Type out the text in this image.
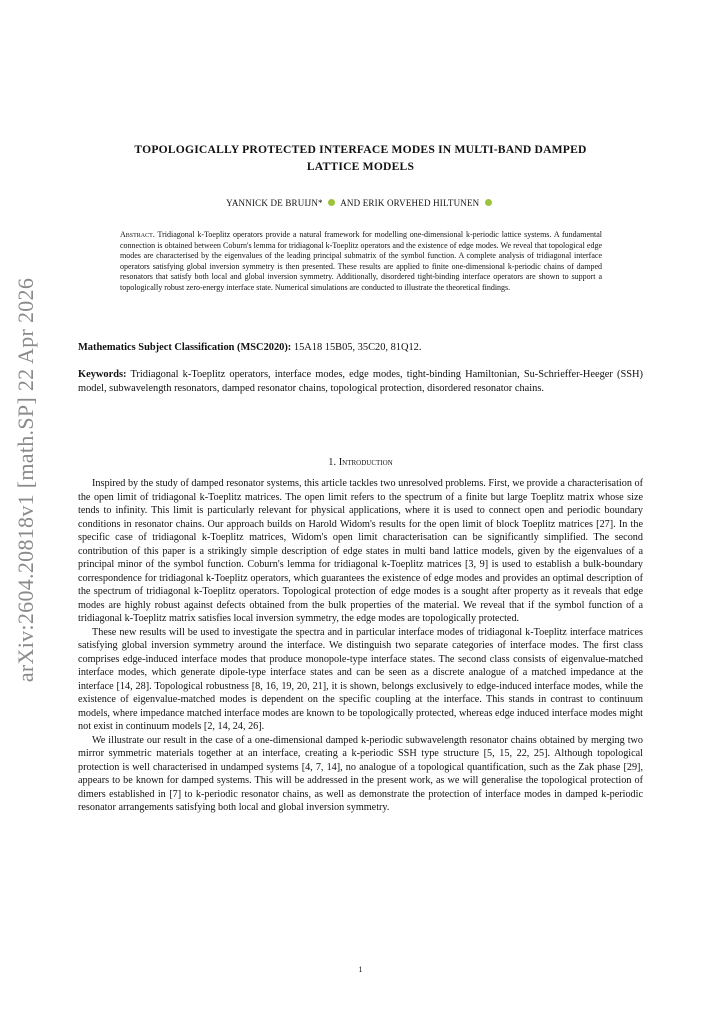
arXiv:2604.20818v1 [math.SP] 22 Apr 2026
TOPOLOGICALLY PROTECTED INTERFACE MODES IN MULTI-BAND DAMPED
LATTICE MODELS
YANNICK DE BRUIJN* AND ERIK ORVEHED HILTUNEN
Abstract. Tridiagonal k-Toeplitz operators provide a natural framework for modelling one-dimensional k-periodic lattice systems. A fundamental connection is obtained between Coburn's lemma for tridiagonal k-Toeplitz operators and the existence of edge modes. We reveal that topological edge modes are characterised by the eigenvalues of the leading principal submatrix of the symbol function. A complete analysis of tridiagonal interface operators satisfying global inversion symmetry is then presented. These results are applied to finite one-dimensional k-periodic chains of damped resonators that satisfy both local and global inversion symmetry. Additionally, disordered tight-binding interface operators are shown to support a topologically robust zero-energy interface state. Numerical simulations are conducted to illustrate the theoretical findings.
Mathematics Subject Classification (MSC2020): 15A18 15B05, 35C20, 81Q12.
Keywords: Tridiagonal k-Toeplitz operators, interface modes, edge modes, tight-binding Hamiltonian, Su-Schrieffer-Heeger (SSH) model, subwavelength resonators, damped resonator chains, topological protection, disordered resonator chains.
1. Introduction

Inspired by the study of damped resonator systems, this article tackles two unresolved problems. First, we provide a characterisation of the open limit of tridiagonal k-Toeplitz matrices. The open limit refers to the spectrum of a finite but large Toeplitz matrix whose size tends to infinity. This limit is particularly relevant for physical applications, where it is used to connect open and periodic boundary conditions in resonator chains. Our approach builds on Harold Widom's results for the open limit of block Toeplitz matrices [27]. In the specific case of tridiagonal k-Toeplitz matrices, Widom's open limit characterisation can be significantly simplified. The second contribution of this paper is a strikingly simple description of edge states in multi band lattice models, given by the eigenvalues of a principal minor of the symbol function. Coburn's lemma for tridiagonal k-Toeplitz matrices [3, 9] is used to establish a bulk-boundary correspondence for tridiagonal k-Toeplitz operators, which guarantees the existence of edge modes and provides an optimal description of the spectrum of tridiagonal k-Toeplitz operators. Topological protection of edge modes is a sought after property as it reveals that edge modes are highly robust against defects obtained from the bulk properties of the material. We reveal that if the symbol function of a tridiagonal k-Toeplitz matrix satisfies local inversion symmetry, the edge modes are topologically protected.

These new results will be used to investigate the spectra and in particular interface modes of tridiagonal k-Toeplitz interface matrices satisfying global inversion symmetry around the interface. We distinguish two separate categories of interface modes. The first class comprises edge-induced interface modes that produce monopole-type interface states. The second class consists of eigenvalue-matched interface modes, which generate dipole-type interface states and can be seen as a discrete analogue of a matched impedance at the interface [14, 28]. Topological robustness [8, 16, 19, 20, 21], it is shown, belongs exclusively to edge-induced interface modes, while the existence of eigenvalue-matched modes is dependent on the specific coupling at the interface. This stands in contrast to continuum models, where impedance matched interface modes are known to be topologically protected, whereas edge induced interface modes might not exist in continuum models [2, 14, 24, 26].

We illustrate our result in the case of a one-dimensional damped k-periodic subwavelength resonator chains obtained by merging two mirror symmetric materials together at an interface, creating a k-periodic SSH type structure [5, 15, 22, 25]. Although topological protection is well characterised in undamped systems [4, 7, 14], no analogue of a topological quantification, such as the Zak phase [29], appears to be known for damped systems. This will be addressed in the present work, as we will generalise the topological protection of dimers established in [7] to k-periodic resonator chains, as well as demonstrate the protection of interface modes in damped k-periodic resonator arrangements satisfying both local and global inversion symmetry.

1
